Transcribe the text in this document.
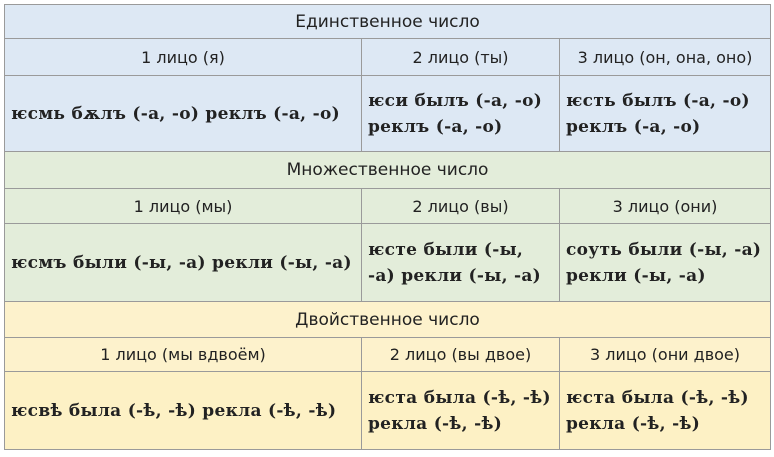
Единственное число		
1 лицо (я)	2 лицо (ты)	3 лицо (он, она, оно)
ѥсмь бѫлъ (-а, -о) реклъ (-а, -о)	ѥси былъ (-а, -о) реклъ (-а, -о)	ѥсть былъ (-а, -о) реклъ (-а, -о)
Множественное число		
1 лицо (мы)	2 лицо (вы)	3 лицо (они)
ѥсмъ были (-ы, -а) рекли (-ы, -а)	ѥсте были (-ы, -а) рекли (-ы, -а)	соуть были (-ы, -а) рекли (-ы, -а)
Двойственное число		
1 лицо (мы вдвоём)	2 лицо (вы двое)	3 лицо (они двое)
ѥсвѣ была (-ѣ, -ѣ) рекла (-ѣ, -ѣ)	ѥста была (-ѣ, -ѣ) рекла (-ѣ, -ѣ)	ѥста была (-ѣ, -ѣ) рекла (-ѣ, -ѣ)
